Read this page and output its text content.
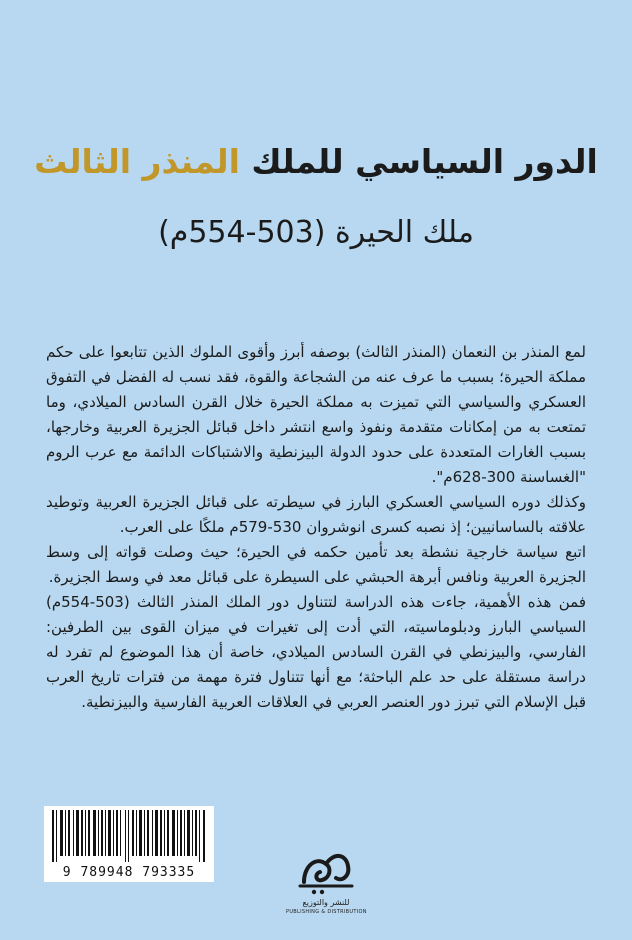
الدور السياسي للملك المنذر الثالث
ملك الحيرة (503-554م)

لمع المنذر بن النعمان (المنذر الثالث) بوصفه أبرز وأقوى الملوك الذين تتابعوا على حكم مملكة الحيرة؛ بسبب ما عرف عنه من الشجاعة والقوة، فقد نسب له الفضل في التفوق العسكري والسياسي التي تميزت به مملكة الحيرة خلال القرن السادس الميلادي، وما تمتعت به من إمكانات متقدمة ونفوذ واسع انتشر داخل قبائل الجزيرة العربية وخارجها، بسبب الغارات المتعددة على حدود الدولة البيزنطية والاشتباكات الدائمة مع عرب الروم "الغساسنة 300-628م".

وكذلك دوره السياسي العسكري البارز في سيطرته على قبائل الجزيرة العربية وتوطيد علاقته بالساسانيين؛ إذ نصبه كسرى انوشروان 530-579م ملكًا على العرب.

اتبع سياسة خارجية نشطة بعد تأمين حكمه في الحيرة؛ حيث وصلت قواته إلى وسط الجزيرة العربية ونافس أبرهة الحبشي على السيطرة على قبائل معد في وسط الجزيرة.

فمن هذه الأهمية، جاءت هذه الدراسة لتتناول دور الملك المنذر الثالث (503-554م) السياسي البارز ودبلوماسيته، التي أدت إلى تغيرات في ميزان القوى بين الطرفين: الفارسي، والبيزنطي في القرن السادس الميلادي، خاصة أن هذا الموضوع لم تفرد له دراسة مستقلة على حد علم الباحثة؛ مع أنها تتناول فترة مهمة من فترات تاريخ العرب قبل الإسلام التي تبرز دور العنصر العربي في العلاقات العربية الفارسية والبيزنطية.

9 789948 793335
للنشر والتوزيع
PUBLISHING & DISTRIBUTION
